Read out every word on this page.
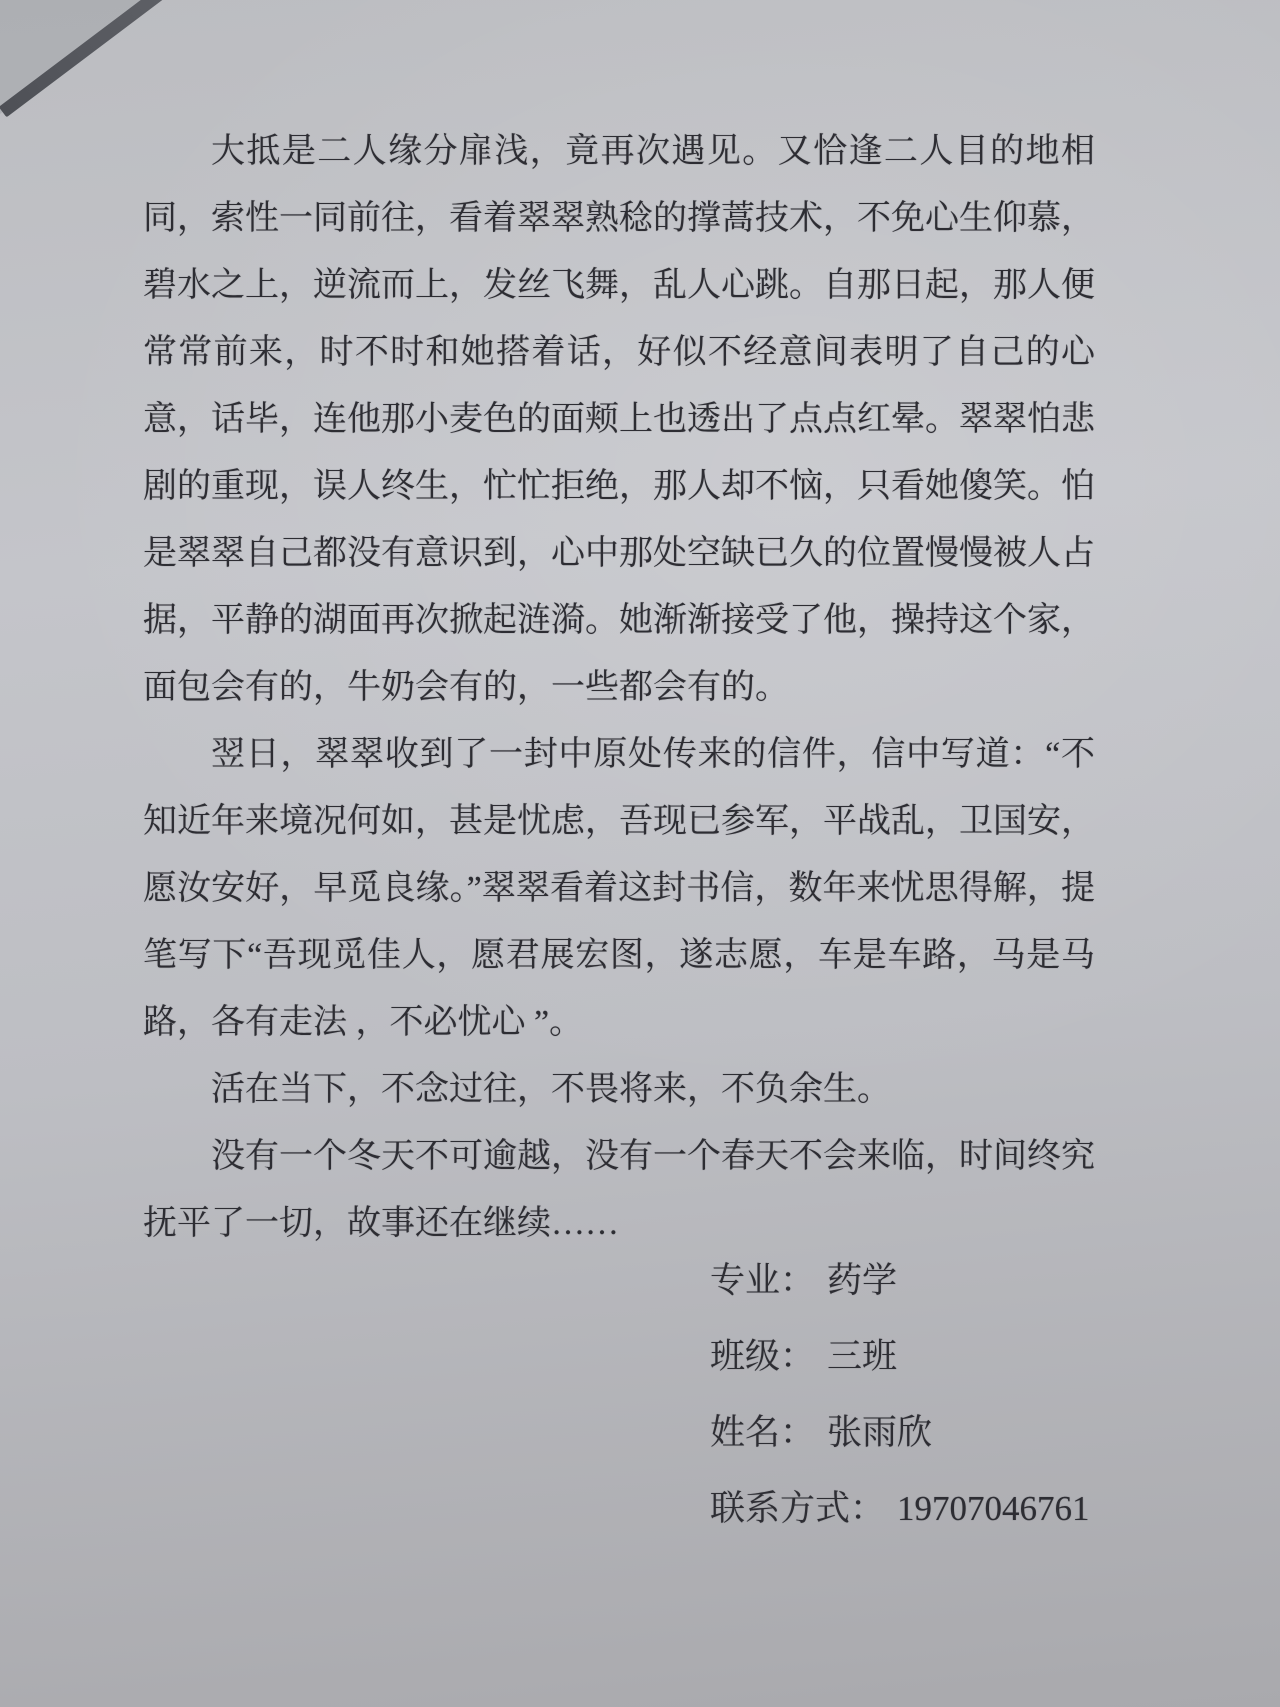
大抵是二人缘分扉浅，竟再次遇见。又恰逢二人目的地相同，索性一同前往，看着翠翠熟稔的撑蒿技术，不免心生仰慕，碧水之上，逆流而上，发丝飞舞，乱人心跳。自那日起，那人便常常前来，时不时和她搭着话，好似不经意间表明了自己的心意，话毕，连他那小麦色的面颊上也透出了点点红晕。翠翠怕悲剧的重现，误人终生，忙忙拒绝，那人却不恼，只看她傻笑。怕是翠翠自己都没有意识到，心中那处空缺已久的位置慢慢被人占据，平静的湖面再次掀起涟漪。她渐渐接受了他，操持这个家，面包会有的，牛奶会有的，一些都会有的。

翌日，翠翠收到了一封中原处传来的信件，信中写道：“不知近年来境况何如，甚是忧虑，吾现已参军，平战乱，卫国安，愿汝安好，早觅良缘。”翠翠看着这封书信，数年来忧思得解，提笔写下“吾现觅佳人，愿君展宏图，遂志愿，车是车路，马是马路，各有走法 ，不必忧心 ”。

活在当下，不念过往，不畏将来，不负余生。

没有一个冬天不可逾越，没有一个春天不会来临，时间终究抚平了一切，故事还在继续……

专业： 药学
班级： 三班
姓名： 张雨欣
联系方式： 19707046761
